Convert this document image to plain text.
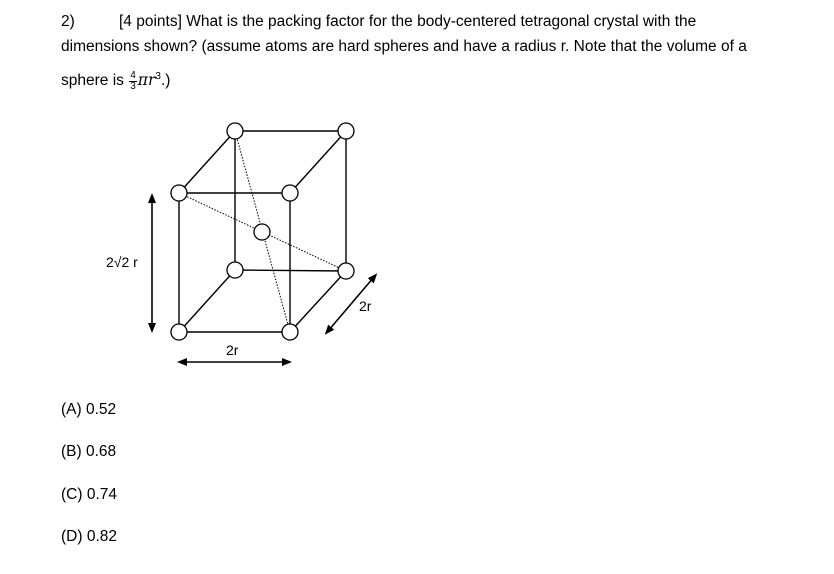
2)	[4 points] What is the packing factor for the body-centered tetragonal crystal with the
dimensions shown? (assume atoms are hard spheres and have a radius r. Note that the volume of a
sphere is $\frac{4}{3} \pi r^3$.)
2√2 r
2r
2r
(A) 0.52
(B) 0.68
(C) 0.74
(D) 0.82
